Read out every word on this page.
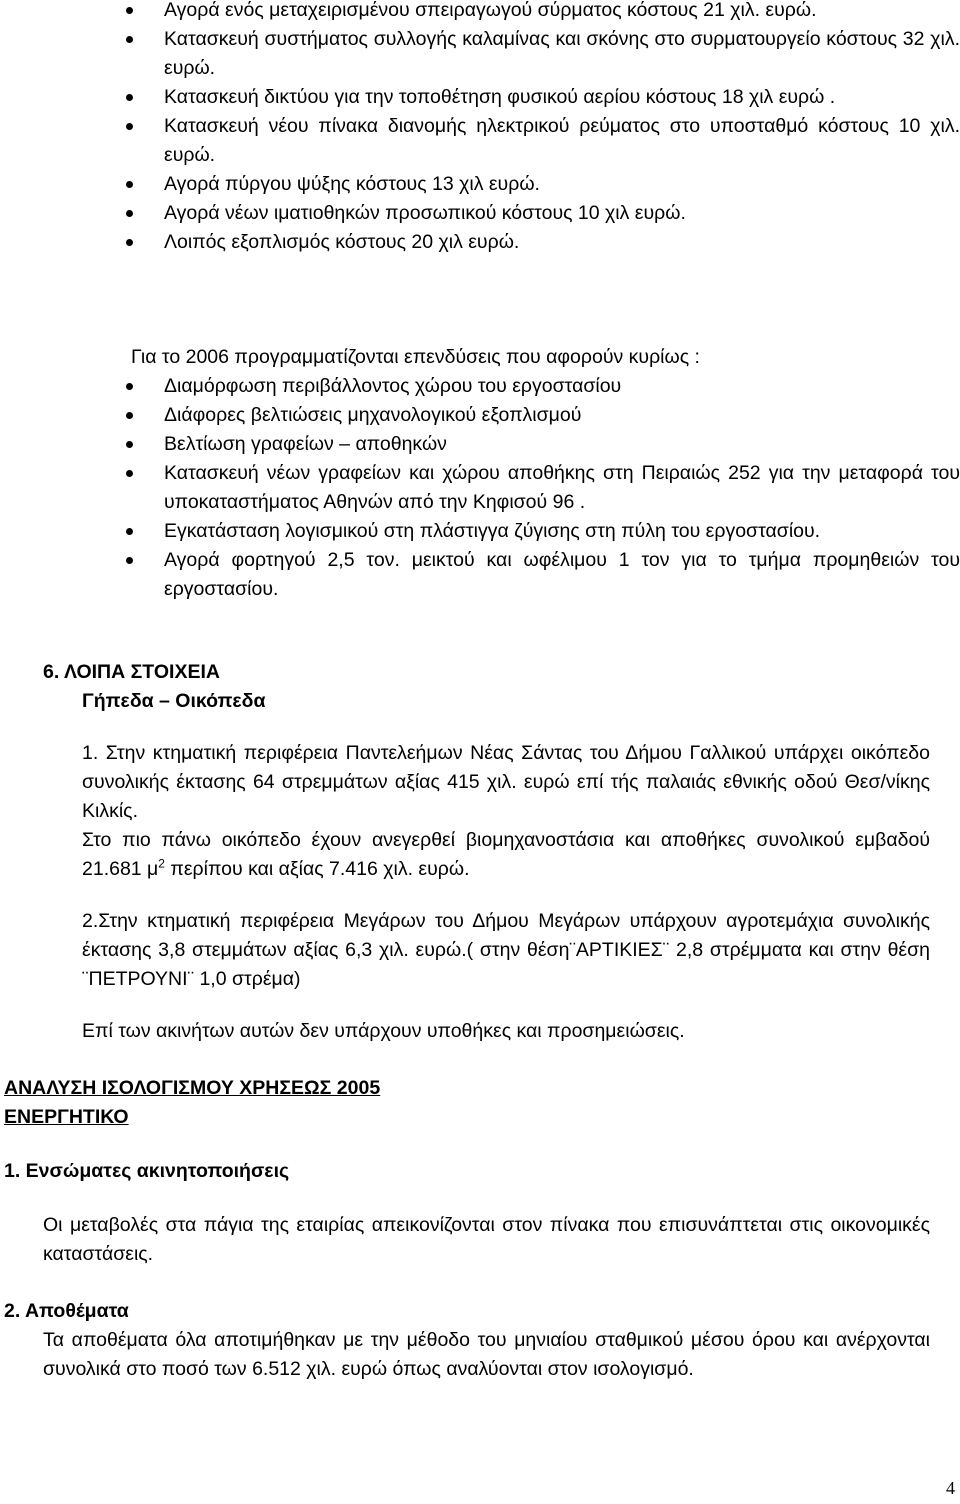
Αγορά ενός μεταχειρισμένου σπειραγωγού σύρματος κόστους 21 χιλ. ευρώ.
Κατασκευή συστήματος συλλογής καλαμίνας και σκόνης στο συρματουργείο κόστους 32 χιλ. ευρώ.
Κατασκευή δικτύου για την τοποθέτηση φυσικού αερίου κόστους 18 χιλ ευρώ .
Κατασκευή νέου πίνακα διανομής ηλεκτρικού ρεύματος στο υποσταθμό κόστους 10 χιλ. ευρώ.
Αγορά πύργου ψύξης κόστους 13 χιλ ευρώ.
Αγορά νέων ιματιοθηκών προσωπικού κόστους 10 χιλ ευρώ.
Λοιπός εξοπλισμός κόστους 20 χιλ ευρώ.
Για το 2006 προγραμματίζονται επενδύσεις που αφορούν κυρίως :
Διαμόρφωση περιβάλλοντος χώρου του εργοστασίου
Διάφορες βελτιώσεις μηχανολογικού εξοπλισμού
Βελτίωση γραφείων – αποθηκών
Κατασκευή νέων γραφείων και χώρου αποθήκης στη Πειραιώς 252 για την μεταφορά του υποκαταστήματος Αθηνών από την Κηφισού 96 .
Εγκατάσταση λογισμικού στη πλάστιγγα ζύγισης στη πύλη του εργοστασίου.
Αγορά φορτηγού 2,5 τον. μεικτού και ωφέλιμου 1 τον για το τμήμα προμηθειών του εργοστασίου.
6. ΛΟΙΠΑ ΣΤΟΙΧΕΙΑ
Γήπεδα – Οικόπεδα
1. Στην κτηματική περιφέρεια Παντελεήμων Νέας Σάντας του Δήμου Γαλλικού υπάρχει οικόπεδο συνολικής έκτασης 64 στρεμμάτων αξίας 415 χιλ. ευρώ επί τής παλαιάς εθνικής οδού Θεσ/νίκης Κιλκίς.
Στο πιο πάνω οικόπεδο έχουν ανεγερθεί βιομηχανοστάσια και αποθήκες συνολικού εμβαδού 21.681 $\mu^2$ περίπου και αξίας 7.416 χιλ. ευρώ.
2.Στην κτηματική περιφέρεια Μεγάρων του Δήμου Μεγάρων υπάρχουν αγροτεμάχια συνολικής έκτασης 3,8 στεμμάτων αξίας 6,3 χιλ. ευρώ.( στην θέση¨ΑΡΤΙΚΙΕΣ¨ 2,8 στρέμματα και στην θέση ¨ΠΕΤΡΟΥΝΙ¨ 1,0 στρέμα)
Επί των ακινήτων αυτών δεν υπάρχουν υποθήκες και προσημειώσεις.
ΑΝΑΛΥΣΗ ΙΣΟΛΟΓΙΣΜΟΥ ΧΡΗΣΕΩΣ 2005
ΕΝΕΡΓΗΤΙΚΟ
1. Ενσώματες ακινητοποιήσεις
Οι μεταβολές στα πάγια της εταιρίας απεικονίζονται στον πίνακα που επισυνάπτεται στις οικονομικές καταστάσεις.
2. Αποθέματα
Τα αποθέματα όλα αποτιμήθηκαν με την μέθοδο του μηνιαίου σταθμικού μέσου όρου και ανέρχονται συνολικά στο ποσό των 6.512 χιλ. ευρώ όπως αναλύονται στον ισολογισμό.
4
